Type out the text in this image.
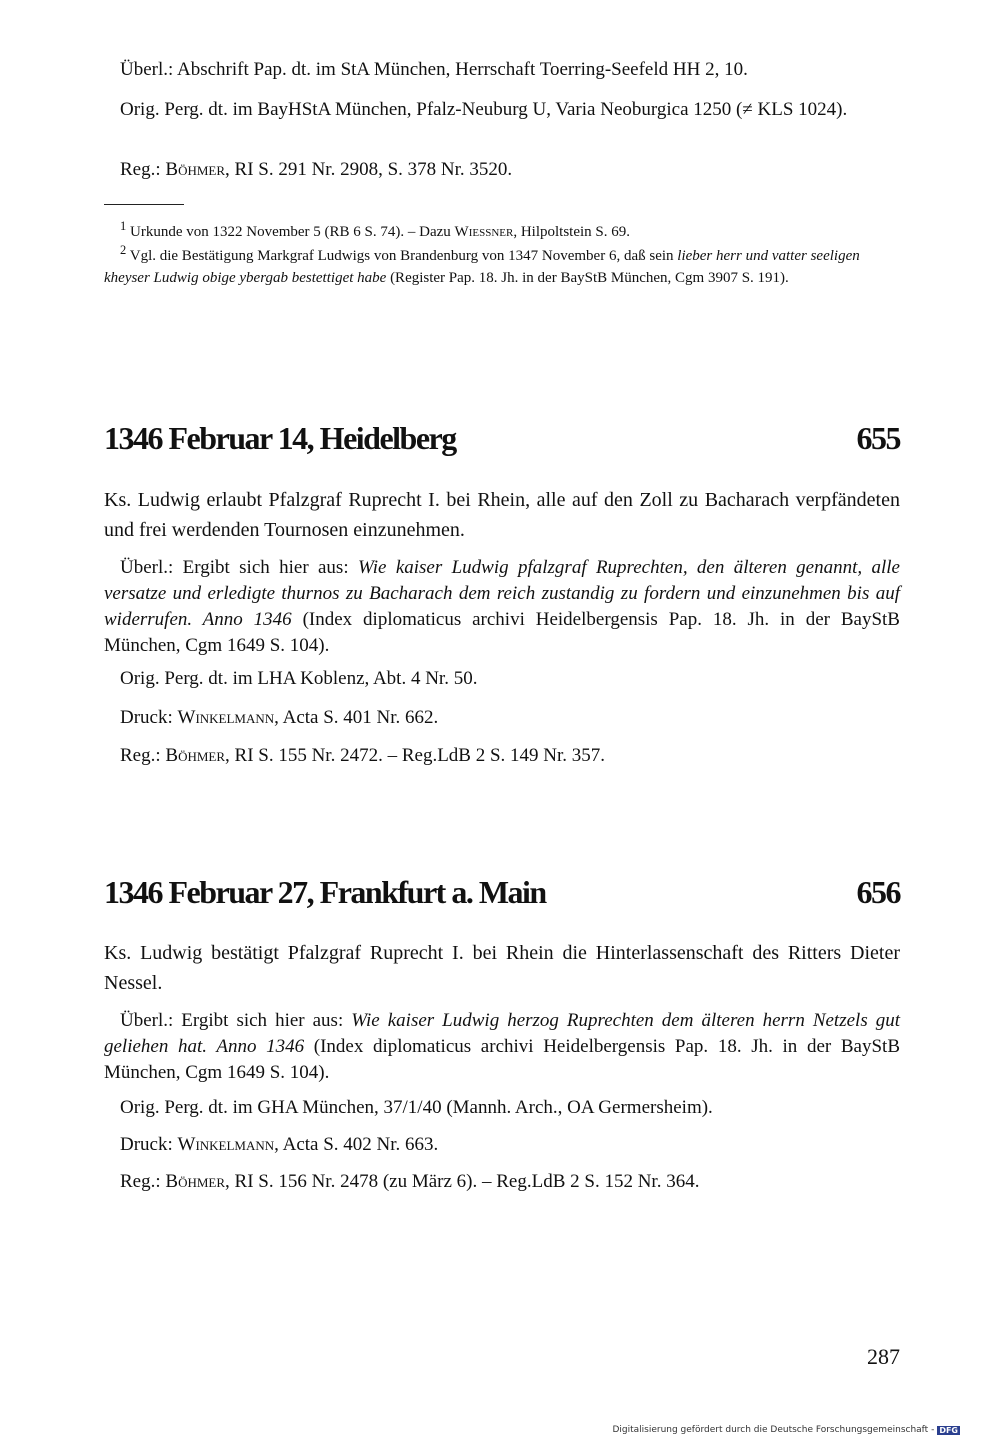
Überl.: Abschrift Pap. dt. im StA München, Herrschaft Toerring-Seefeld HH 2, 10.

Orig. Perg. dt. im BayHStA München, Pfalz-Neuburg U, Varia Neoburgica 1250 (≠ KLS 1024).

Reg.: Böhmer, RI S. 291 Nr. 2908, S. 378 Nr. 3520.

$^1$ Urkunde von 1322 November 5 (RB 6 S. 74). – Dazu Wiessner, Hilpoltstein S. 69.

$^2$ Vgl. die Bestätigung Markgraf Ludwigs von Brandenburg von 1347 November 6, daß sein lieber herr und vatter seeligen kheyser Ludwig obige ybergab bestettiget habe (Register Pap. 18. Jh. in der BayStB München, Cgm 3907 S. 191).

1346 Februar 14, Heidelberg	655

Ks. Ludwig erlaubt Pfalzgraf Ruprecht I. bei Rhein, alle auf den Zoll zu Bacharach verpfändeten und frei werdenden Tournosen einzunehmen.

Überl.: Ergibt sich hier aus: Wie kaiser Ludwig pfalzgraf Ruprechten, den älteren genannt, alle versatze und erledigte thurnos zu Bacharach dem reich zustandig zu fordern und einzunehmen bis auf widerrufen. Anno 1346 (Index diplomaticus archivi Heidelbergensis Pap. 18. Jh. in der BayStB München, Cgm 1649 S. 104).

Orig. Perg. dt. im LHA Koblenz, Abt. 4 Nr. 50.

Druck: Winkelmann, Acta S. 401 Nr. 662.

Reg.: Böhmer, RI S. 155 Nr. 2472. – Reg.LdB 2 S. 149 Nr. 357.

1346 Februar 27, Frankfurt a. Main	656

Ks. Ludwig bestätigt Pfalzgraf Ruprecht I. bei Rhein die Hinterlassenschaft des Ritters Dieter Nessel.

Überl.: Ergibt sich hier aus: Wie kaiser Ludwig herzog Ruprechten dem älteren herrn Netzels gut geliehen hat. Anno 1346 (Index diplomaticus archivi Heidelbergensis Pap. 18. Jh. in der BayStB München, Cgm 1649 S. 104).

Orig. Perg. dt. im GHA München, 37/1/40 (Mannh. Arch., OA Germersheim).

Druck: Winkelmann, Acta S. 402 Nr. 663.

Reg.: Böhmer, RI S. 156 Nr. 2478 (zu März 6). – Reg.LdB 2 S. 152 Nr. 364.

287
Digitalisierung gefördert durch die Deutsche Forschungsgemeinschaft - DFG
